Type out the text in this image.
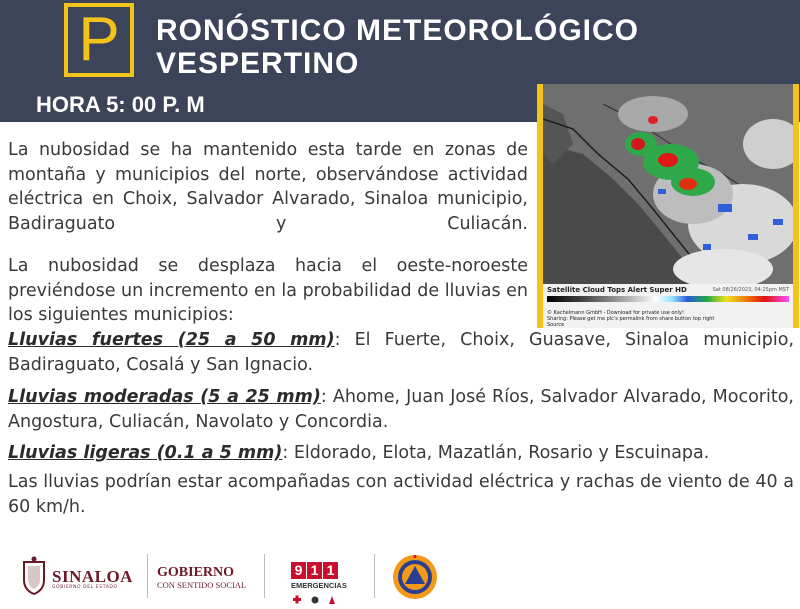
P	RONÓSTICO METEOROLÓGICO
VESPERTINO
HORA 5: 00 P. M
Satellite Cloud Tops Alert Super HD	Sat 08/26/2023, 04:25pm MST
© Kachelmann GmbH - Download for private use only!
Sharing: Please get me pic's permalink from share button top right
Source
La nubosidad se ha mantenido esta tarde en zonas de montaña y municipios del norte, observándose actividad eléctrica en Choix, Salvador Alvarado, Sinaloa municipio, Badiraguato y Culiacán.
La nubosidad se desplaza hacia el oeste-noroeste previéndose un incremento en la probabilidad de lluvias en los siguientes municipios:
Lluvias fuertes (25 a 50 mm): El Fuerte, Choix, Guasave, Sinaloa municipio, Badiraguato, Cosalá y San Ignacio.
Lluvias moderadas (5 a 25 mm): Ahome, Juan José Ríos, Salvador Alvarado, Mocorito, Angostura, Culiacán, Navolato y Concordia.
Lluvias ligeras (0.1 a 5 mm): Eldorado, Elota, Mazatlán, Rosario y Escuinapa.
Las lluvias podrían estar acompañadas con actividad eléctrica y rachas de viento de 40 a 60 km/h.
SINALOA
GOBIERNO DEL ESTADO
GOBIERNO
CON SENTIDO SOCIAL
9 1 1
EMERGENCIAS
